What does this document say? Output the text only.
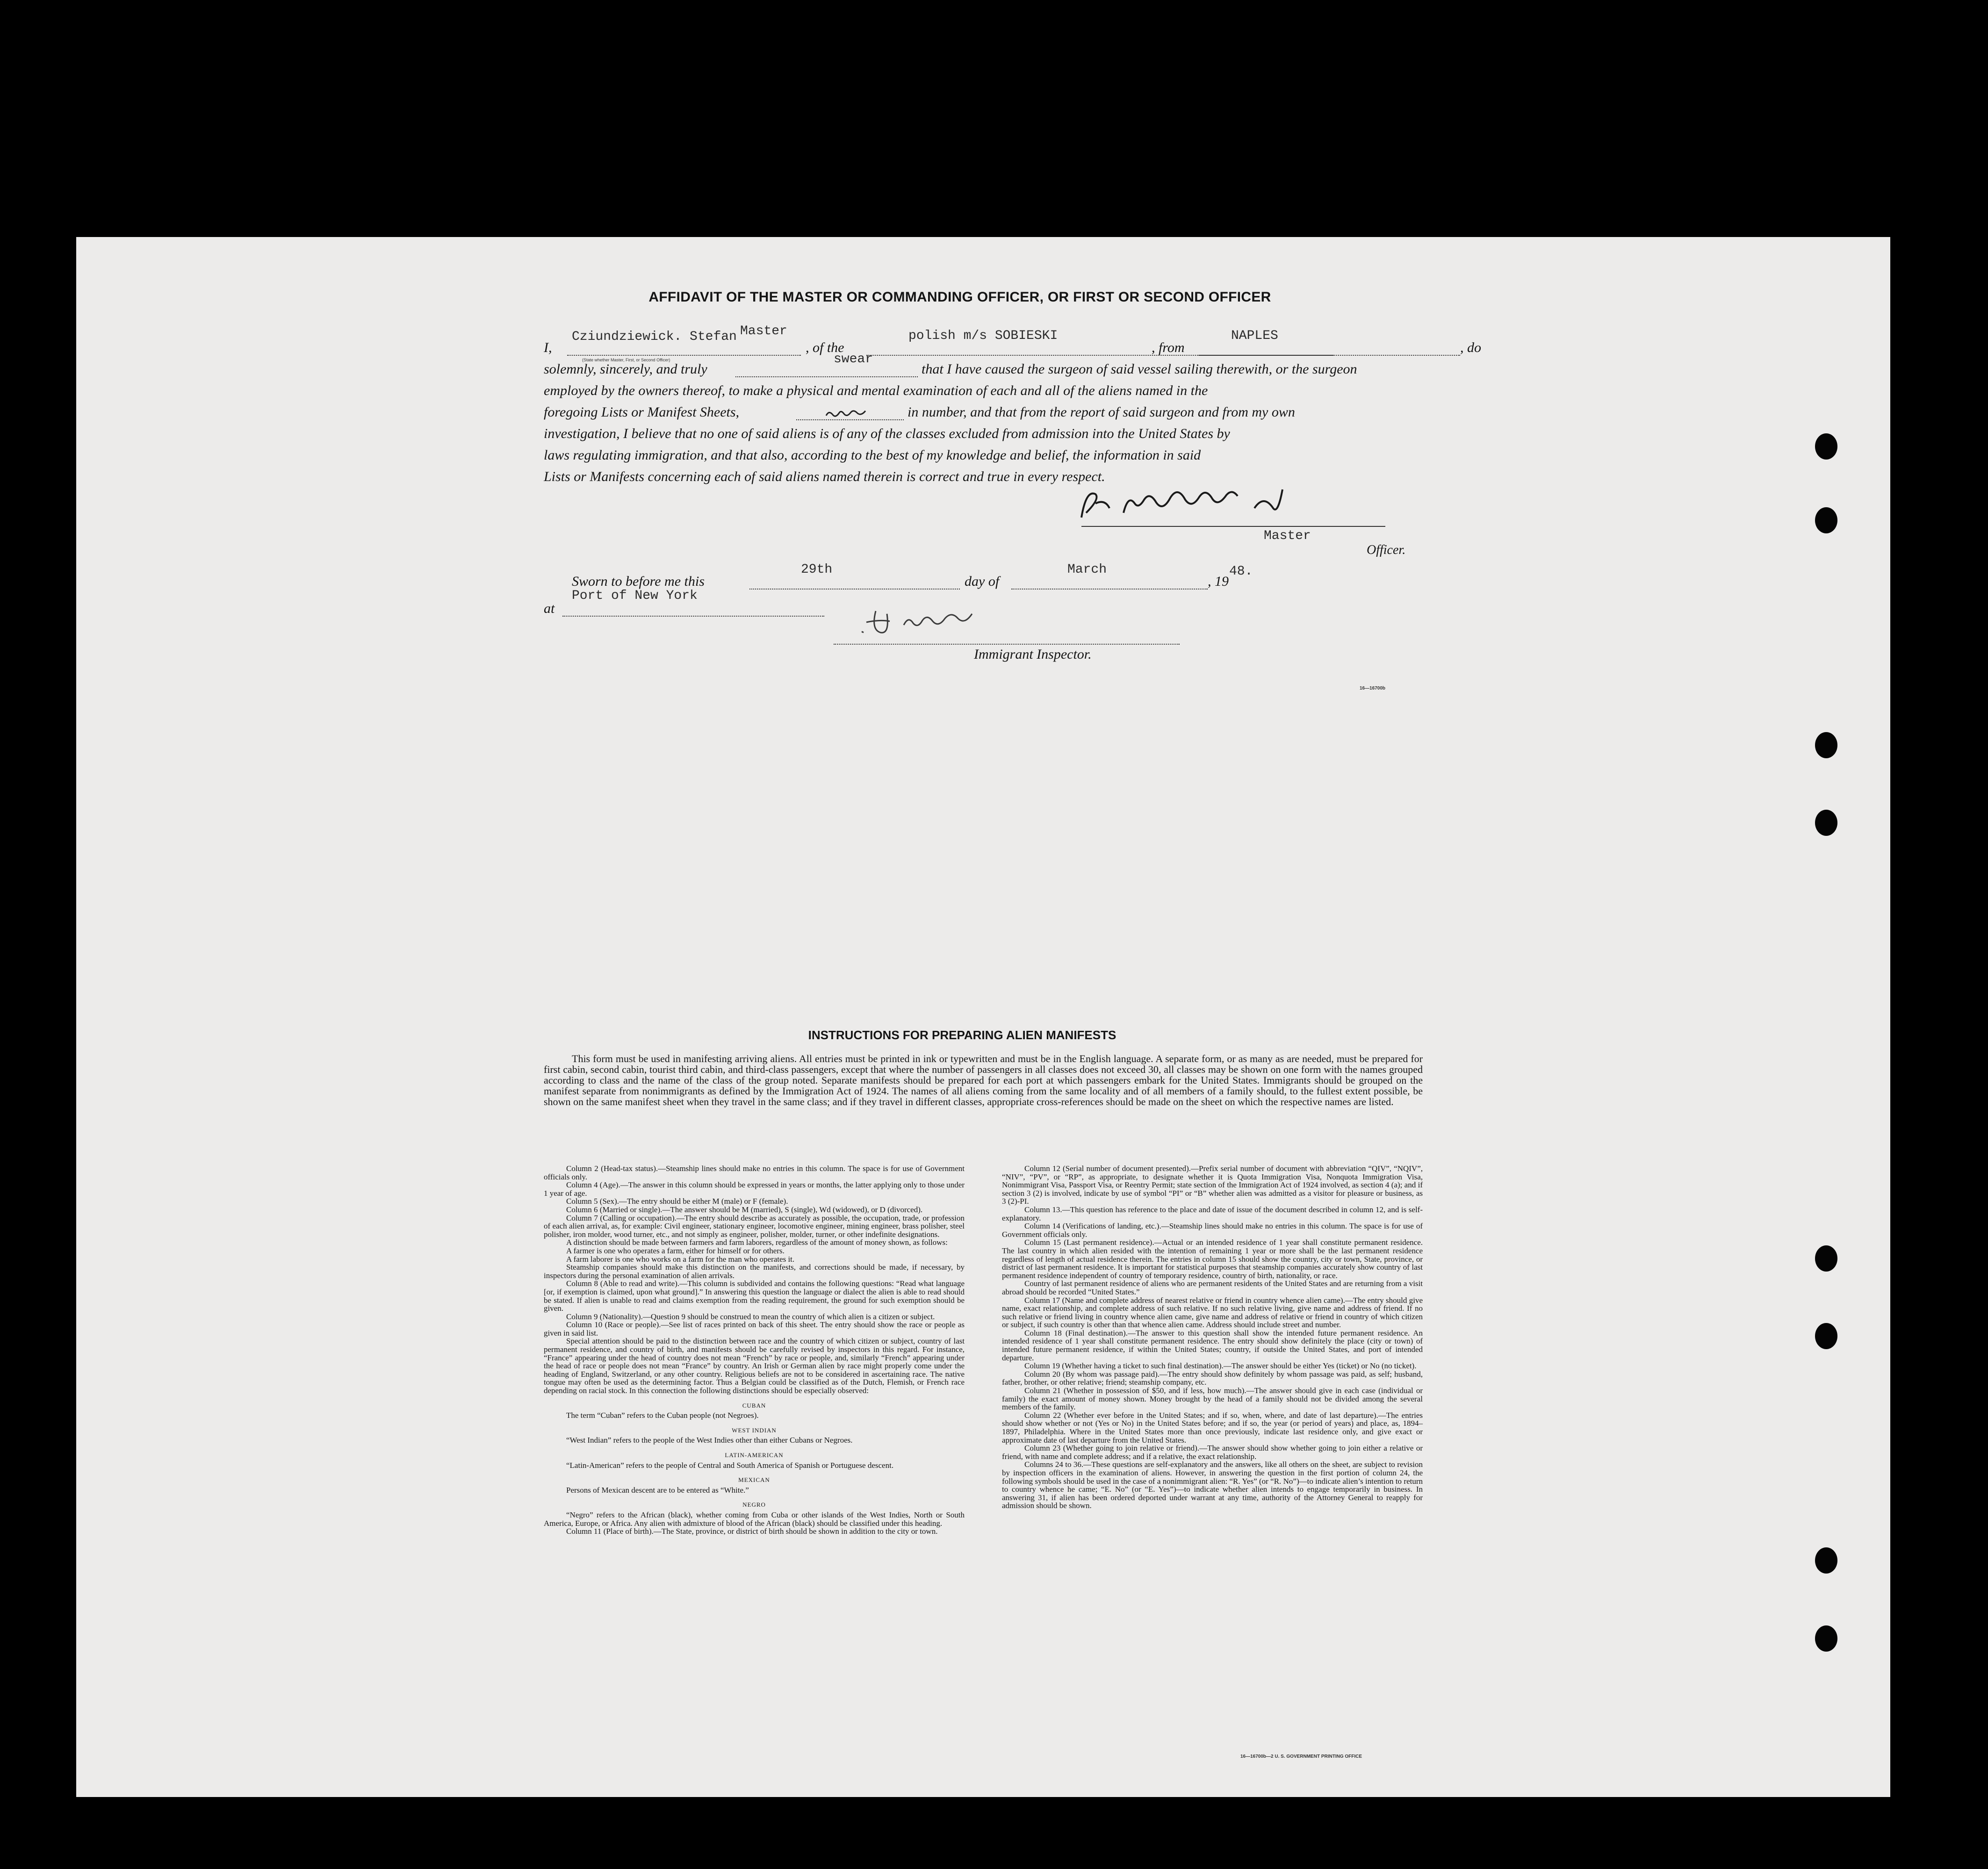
AFFIDAVIT OF THE MASTER OR COMMANDING OFFICER, OR FIRST OR SECOND OFFICER
I,
Cziundziewick. Stefan Master
(State whether Master, First, or Second Officer)
, of the
polish m/s SOBIESKI
, from
NAPLES
, do
solemnly, sincerely, and truly
swear
that I have caused the surgeon of said vessel sailing therewith, or the surgeon
employed by the owners thereof, to make a physical and mental examination of each and all of the aliens named in the
foregoing Lists or Manifest Sheets,	in number, and that from the report of said surgeon and from my own
investigation, I believe that no one of said aliens is of any of the classes excluded from admission into the United States by
laws regulating immigration, and that also, according to the best of my knowledge and belief, the information in said
Lists or Manifests concerning each of said aliens named therein is correct and true in every respect.
Master
Officer.
Sworn to before me this
29th
day of
March
, 19
48.
at
Port of New York
Immigrant Inspector.
16—16700b
INSTRUCTIONS FOR PREPARING ALIEN MANIFESTS

This form must be used in manifesting arriving aliens. All entries must be printed in ink or typewritten and must be in the English language. A separate form, or as many as are needed, must be prepared for first cabin, second cabin, tourist third cabin, and third-class passengers, except that where the number of passengers in all classes does not exceed 30, all classes may be shown on one form with the names grouped according to class and the name of the class of the group noted. Separate manifests should be prepared for each port at which passengers embark for the United States. Immigrants should be grouped on the manifest separate from nonimmigrants as defined by the Immigration Act of 1924. The names of all aliens coming from the same locality and of all members of a family should, to the fullest extent possible, be shown on the same manifest sheet when they travel in the same class; and if they travel in different classes, appropriate cross-references should be made on the sheet on which the respective names are listed.

Column 2 (Head-tax status).—Steamship lines should make no entries in this column. The space is for use of Government officials only.

Column 4 (Age).—The answer in this column should be expressed in years or months, the latter applying only to those under 1 year of age.

Column 5 (Sex).—The entry should be either M (male) or F (female).

Column 6 (Married or single).—The answer should be M (married), S (single), Wd (widowed), or D (divorced).

Column 7 (Calling or occupation).—The entry should describe as accurately as possible, the occupation, trade, or profession of each alien arrival, as, for example: Civil engineer, stationary engineer, locomotive engineer, mining engineer, brass polisher, steel polisher, iron molder, wood turner, etc., and not simply as engineer, polisher, molder, turner, or other indefinite designations.

A distinction should be made between farmers and farm laborers, regardless of the amount of money shown, as follows:

A farmer is one who operates a farm, either for himself or for others.

A farm laborer is one who works on a farm for the man who operates it.

Steamship companies should make this distinction on the manifests, and corrections should be made, if necessary, by inspectors during the personal examination of alien arrivals.

Column 8 (Able to read and write).—This column is subdivided and contains the following questions: “Read what language [or, if exemption is claimed, upon what ground].” In answering this question the language or dialect the alien is able to read should be stated. If alien is unable to read and claims exemption from the reading requirement, the ground for such exemption should be given.

Column 9 (Nationality).—Question 9 should be construed to mean the country of which alien is a citizen or subject.

Column 10 (Race or people).—See list of races printed on back of this sheet. The entry should show the race or people as given in said list.

Special attention should be paid to the distinction between race and the country of which citizen or subject, country of last permanent residence, and country of birth, and manifests should be carefully revised by inspectors in this regard. For instance, “France” appearing under the head of country does not mean “French” by race or people, and, similarly “French” appearing under the head of race or people does not mean “France” by country. An Irish or German alien by race might properly come under the heading of England, Switzerland, or any other country. Religious beliefs are not to be considered in ascertaining race. The native tongue may often be used as the determining factor. Thus a Belgian could be classified as of the Dutch, Flemish, or French race depending on racial stock. In this connection the following distinctions should be especially observed:

CUBAN

The term “Cuban” refers to the Cuban people (not Negroes).

WEST INDIAN

“West Indian” refers to the people of the West Indies other than either Cubans or Negroes.

LATIN-AMERICAN

“Latin-American” refers to the people of Central and South America of Spanish or Portuguese descent.

MEXICAN

Persons of Mexican descent are to be entered as “White.”

NEGRO

“Negro” refers to the African (black), whether coming from Cuba or other islands of the West Indies, North or South America, Europe, or Africa. Any alien with admixture of blood of the African (black) should be classified under this heading.

Column 11 (Place of birth).—The State, province, or district of birth should be shown in addition to the city or town.

Column 12 (Serial number of document presented).—Prefix serial number of document with abbreviation “QIV”, “NQIV”, “NIV”, “PV”, or “RP”, as appropriate, to designate whether it is Quota Immigration Visa, Nonquota Immigration Visa, Nonimmigrant Visa, Passport Visa, or Reentry Permit; state section of the Immigration Act of 1924 involved, as section 4 (a); and if section 3 (2) is involved, indicate by use of symbol “PI” or “B” whether alien was admitted as a visitor for pleasure or business, as 3 (2)-PI.

Column 13.—This question has reference to the place and date of issue of the document described in column 12, and is self-explanatory.

Column 14 (Verifications of landing, etc.).—Steamship lines should make no entries in this column. The space is for use of Government officials only.

Column 15 (Last permanent residence).—Actual or an intended residence of 1 year shall constitute permanent residence. The last country in which alien resided with the intention of remaining 1 year or more shall be the last permanent residence regardless of length of actual residence therein. The entries in column 15 should show the country, city or town, State, province, or district of last permanent residence. It is important for statistical purposes that steamship companies accurately show country of last permanent residence independent of country of temporary residence, country of birth, nationality, or race.

Country of last permanent residence of aliens who are permanent residents of the United States and are returning from a visit abroad should be recorded “United States.”

Column 17 (Name and complete address of nearest relative or friend in country whence alien came).—The entry should give name, exact relationship, and complete address of such relative. If no such relative living, give name and address of friend. If no such relative or friend living in country whence alien came, give name and address of relative or friend in country of which citizen or subject, if such country is other than that whence alien came. Address should include street and number.

Column 18 (Final destination).—The answer to this question shall show the intended future permanent residence. An intended residence of 1 year shall constitute permanent residence. The entry should show definitely the place (city or town) of intended future permanent residence, if within the United States; country, if outside the United States, and port of intended departure.

Column 19 (Whether having a ticket to such final destination).—The answer should be either Yes (ticket) or No (no ticket).

Column 20 (By whom was passage paid).—The entry should show definitely by whom passage was paid, as self; husband, father, brother, or other relative; friend; steamship company, etc.

Column 21 (Whether in possession of $50, and if less, how much).—The answer should give in each case (individual or family) the exact amount of money shown. Money brought by the head of a family should not be divided among the several members of the family.

Column 22 (Whether ever before in the United States; and if so, when, where, and date of last departure).—The entries should show whether or not (Yes or No) in the United States before; and if so, the year (or period of years) and place, as, 1894–1897, Philadelphia. Where in the United States more than once previously, indicate last residence only, and give exact or approximate date of last departure from the United States.

Column 23 (Whether going to join relative or friend).—The answer should show whether going to join either a relative or friend, with name and complete address; and if a relative, the exact relationship.

Columns 24 to 36.—These questions are self-explanatory and the answers, like all others on the sheet, are subject to revision by inspection officers in the examination of aliens. However, in answering the question in the first portion of column 24, the following symbols should be used in the case of a nonimmigrant alien: “R. Yes” (or “R. No”)—to indicate alien’s intention to return to country whence he came; “E. No” (or “E. Yes”)—to indicate whether alien intends to engage temporarily in business. In answering 31, if alien has been ordered deported under warrant at any time, authority of the Attorney General to reapply for admission should be shown.

16—16700b—2 U. S. GOVERNMENT PRINTING OFFICE
